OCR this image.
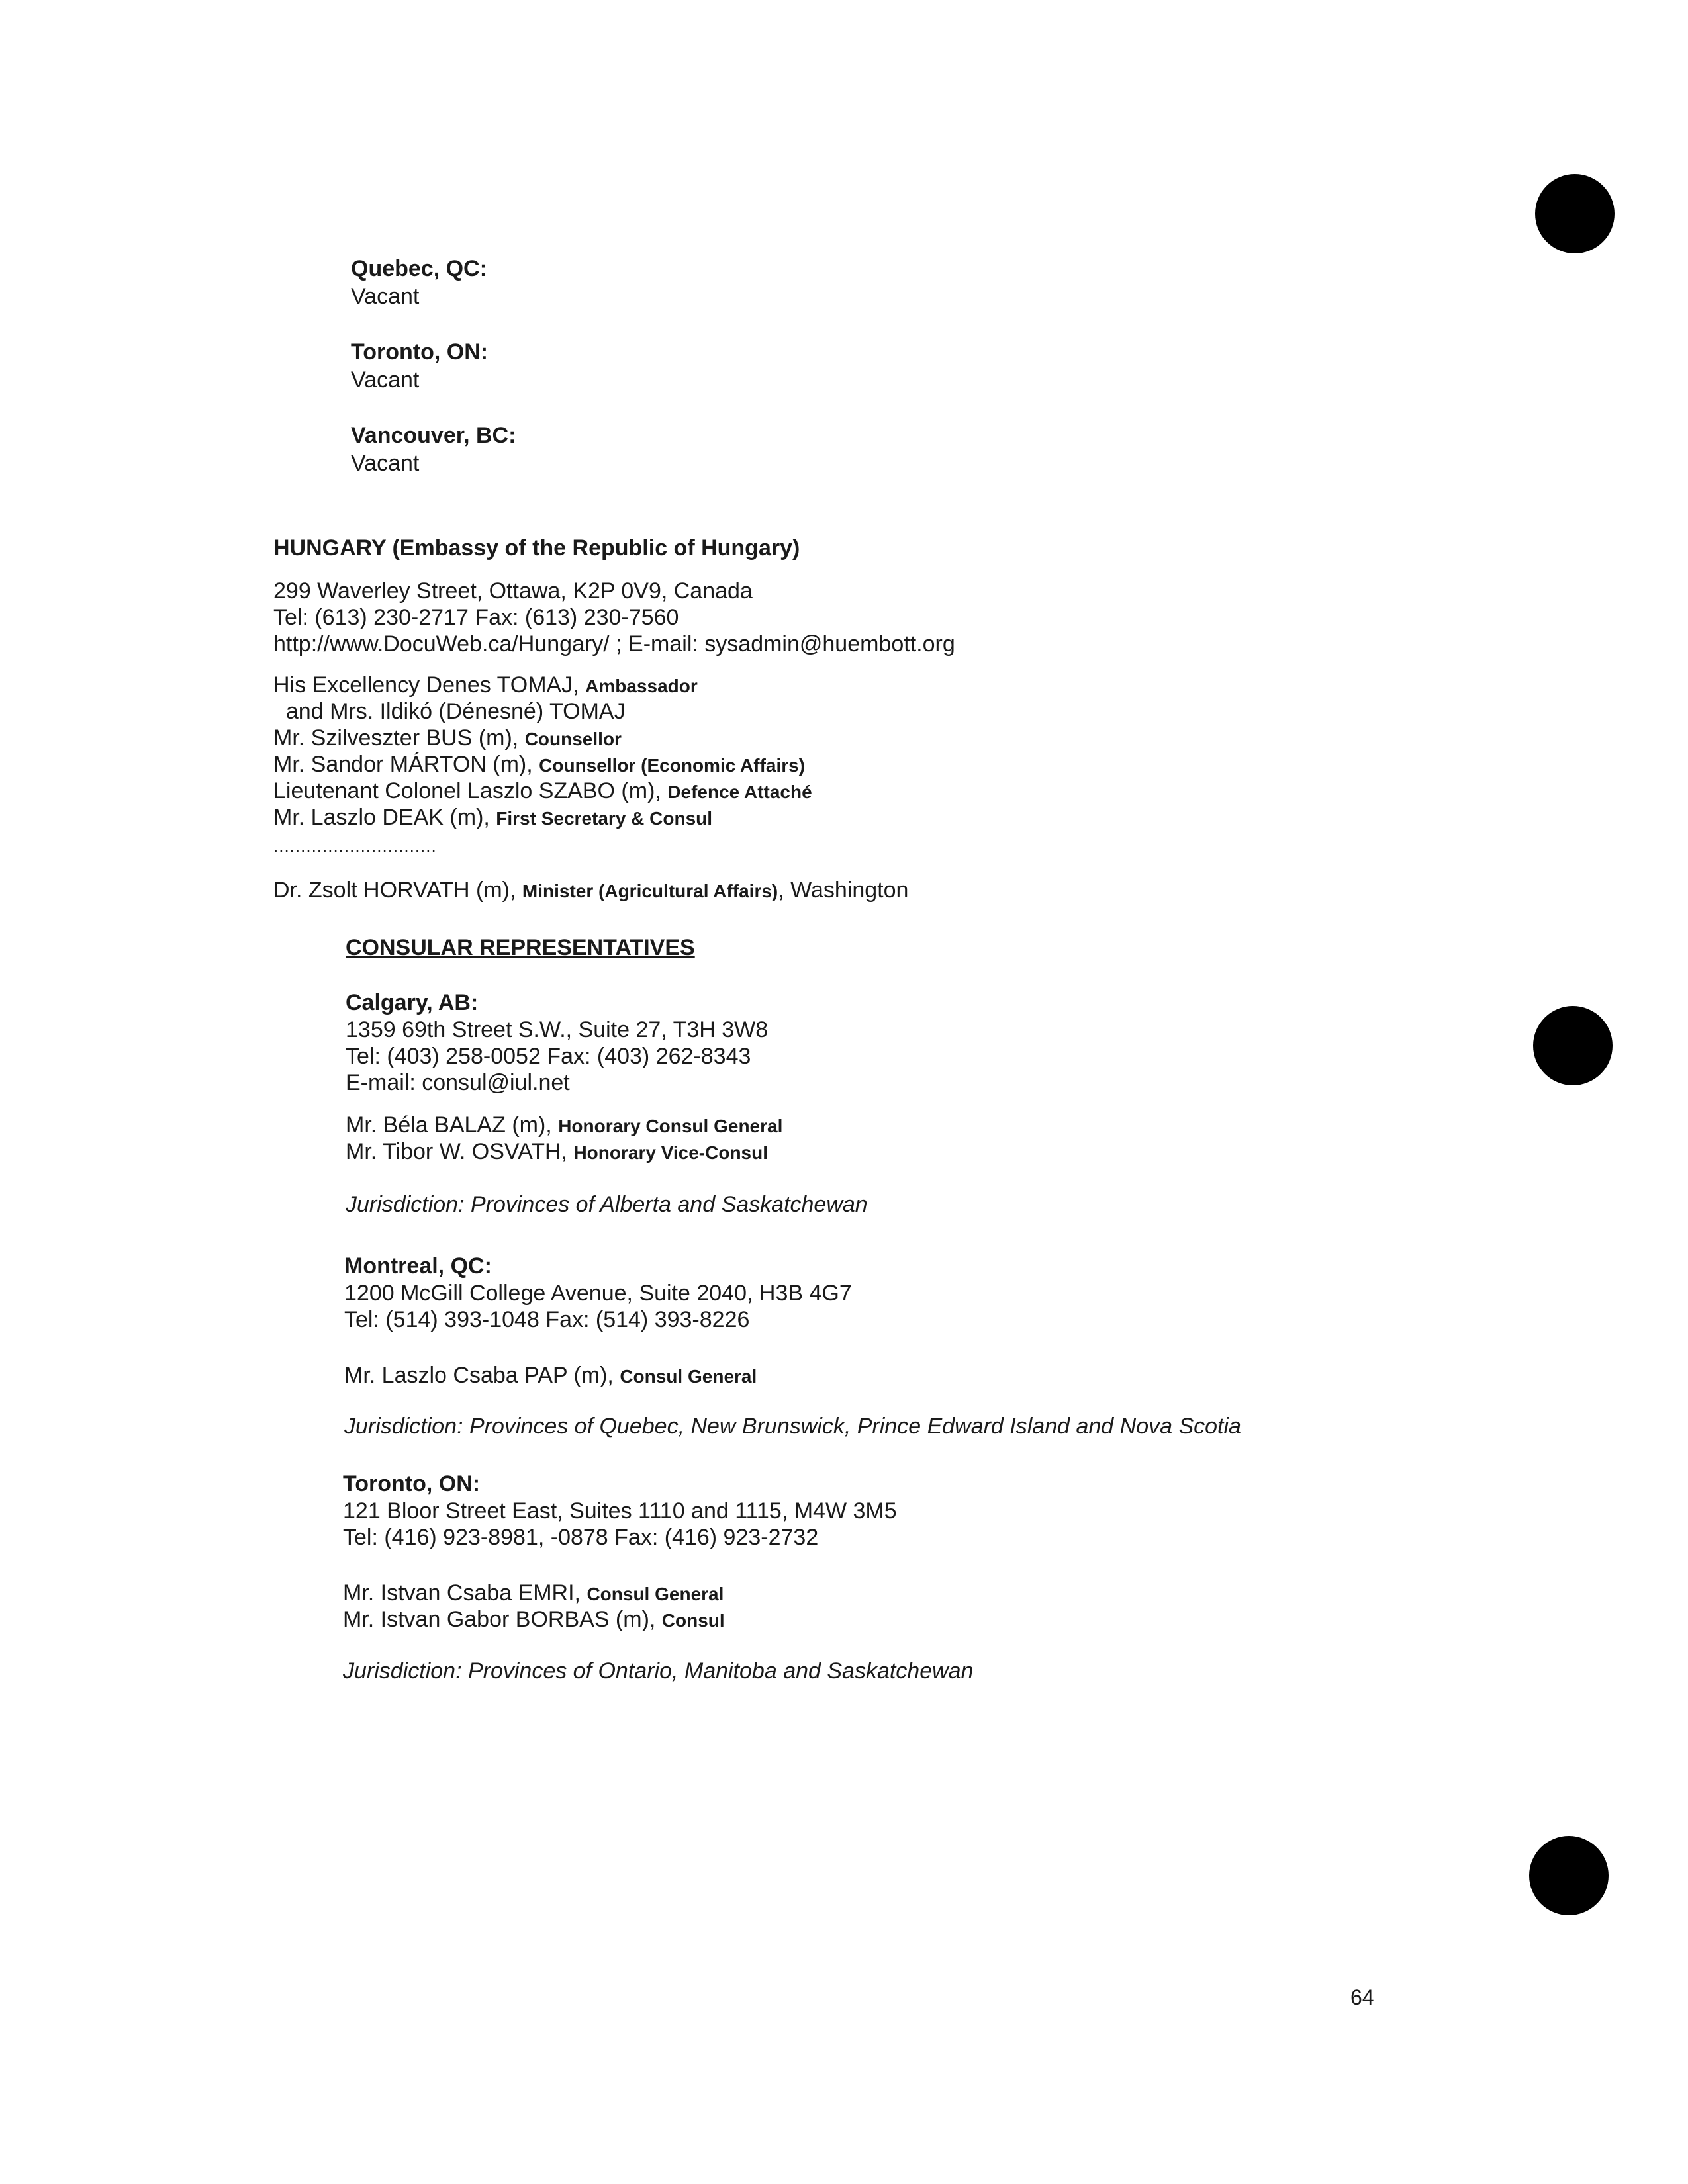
Quebec, QC:
Vacant
Toronto, ON:
Vacant
Vancouver, BC:
Vacant
HUNGARY (Embassy of the Republic of Hungary)
299 Waverley Street, Ottawa, K2P 0V9, Canada
Tel: (613) 230-2717 Fax: (613) 230-7560
http://www.DocuWeb.ca/Hungary/ ; E-mail: sysadmin@huembott.org
His Excellency Denes TOMAJ, Ambassador
and Mrs. Ildikó (Dénesné) TOMAJ
Mr. Szilveszter BUS (m), Counsellor
Mr. Sandor MÁRTON (m), Counsellor (Economic Affairs)
Lieutenant Colonel Laszlo SZABO (m), Defence Attaché
Mr. Laszlo DEAK (m), First Secretary & Consul
..............................
Dr. Zsolt HORVATH (m), Minister (Agricultural Affairs), Washington
CONSULAR REPRESENTATIVES
Calgary, AB:
1359 69th Street S.W., Suite 27, T3H 3W8
Tel: (403) 258-0052 Fax: (403) 262-8343
E-mail: consul@iul.net
Mr. Béla BALAZ (m), Honorary Consul General
Mr. Tibor W. OSVATH, Honorary Vice-Consul
Jurisdiction: Provinces of Alberta and Saskatchewan
Montreal, QC:
1200 McGill College Avenue, Suite 2040, H3B 4G7
Tel: (514) 393-1048 Fax: (514) 393-8226
Mr. Laszlo Csaba PAP (m), Consul General
Jurisdiction: Provinces of Quebec, New Brunswick, Prince Edward Island and Nova Scotia
Toronto, ON:
121 Bloor Street East, Suites 1110 and 1115, M4W 3M5
Tel: (416) 923-8981, -0878 Fax: (416) 923-2732
Mr. Istvan Csaba EMRI, Consul General
Mr. Istvan Gabor BORBAS (m), Consul
Jurisdiction: Provinces of Ontario, Manitoba and Saskatchewan
64
